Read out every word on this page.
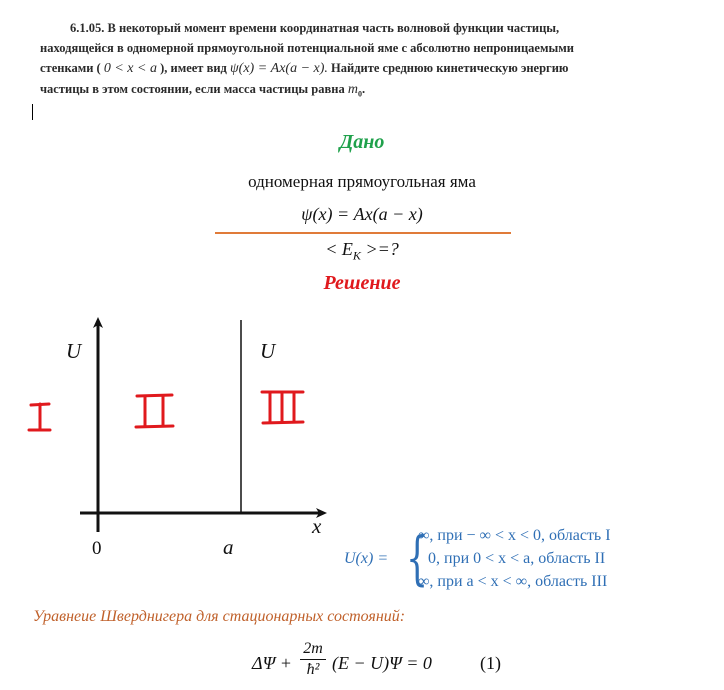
6.1.05. В некоторый момент времени координатная часть волновой функции частицы,
находящейся в одномерной прямоугольной потенциальной яме с абсолютно непроницаемыми
стенками ( 0 < x < a ), имеет вид ψ(x) = Ax(a − x). Найдите среднюю кинетическую энергию
частицы в этом состоянии, если масса частицы равна $m_0$.
Дано
одномерная прямоугольная яма
ψ(x) = Ax(a − x)
< $E_K$ >=?
Решение
U	U
x
0	a	U(x) = {
∞, при − ∞ < x < 0, область I
0, при 0 < x < a, область II
∞, при a < x < ∞, область III
Уравнеие Шверднигера для стационарных состояний:
ΔΨ +
2m
ħ² (E − U)Ψ = 0	(1)
